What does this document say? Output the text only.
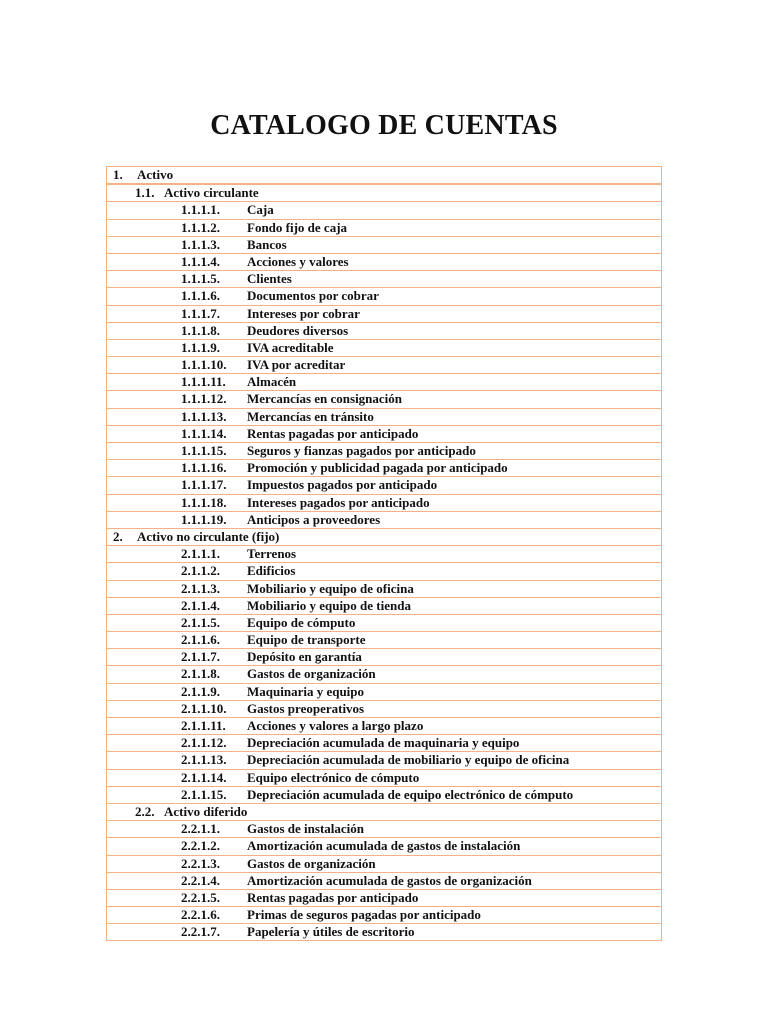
CATALOGO DE CUENTAS
1. Activo
1.1. Activo circulante
1.1.1.1. Caja
1.1.1.2. Fondo fijo de caja
1.1.1.3. Bancos
1.1.1.4. Acciones y valores
1.1.1.5. Clientes
1.1.1.6. Documentos por cobrar
1.1.1.7. Intereses por cobrar
1.1.1.8. Deudores diversos
1.1.1.9. IVA acreditable
1.1.1.10. IVA por acreditar
1.1.1.11. Almacén
1.1.1.12. Mercancías en consignación
1.1.1.13. Mercancías en tránsito
1.1.1.14. Rentas pagadas por anticipado
1.1.1.15. Seguros y fianzas pagados por anticipado
1.1.1.16. Promoción y publicidad pagada por anticipado
1.1.1.17. Impuestos pagados por anticipado
1.1.1.18. Intereses pagados por anticipado
1.1.1.19. Anticipos a proveedores
2. Activo no circulante (fijo)
2.1.1.1. Terrenos
2.1.1.2. Edificios
2.1.1.3. Mobiliario y equipo de oficina
2.1.1.4. Mobiliario y equipo de tienda
2.1.1.5. Equipo de cómputo
2.1.1.6. Equipo de transporte
2.1.1.7. Depósito en garantía
2.1.1.8. Gastos de organización
2.1.1.9. Maquinaria y equipo
2.1.1.10. Gastos preoperativos
2.1.1.11. Acciones y valores a largo plazo
2.1.1.12. Depreciación acumulada de maquinaria y equipo
2.1.1.13. Depreciación acumulada de mobiliario y equipo de oficina
2.1.1.14. Equipo electrónico de cómputo
2.1.1.15. Depreciación acumulada de equipo electrónico de cómputo
2.2. Activo diferido
2.2.1.1. Gastos de instalación
2.2.1.2. Amortización acumulada de gastos de instalación
2.2.1.3. Gastos de organización
2.2.1.4. Amortización acumulada de gastos de organización
2.2.1.5. Rentas pagadas por anticipado
2.2.1.6. Primas de seguros pagadas por anticipado
2.2.1.7. Papelería y útiles de escritorio
